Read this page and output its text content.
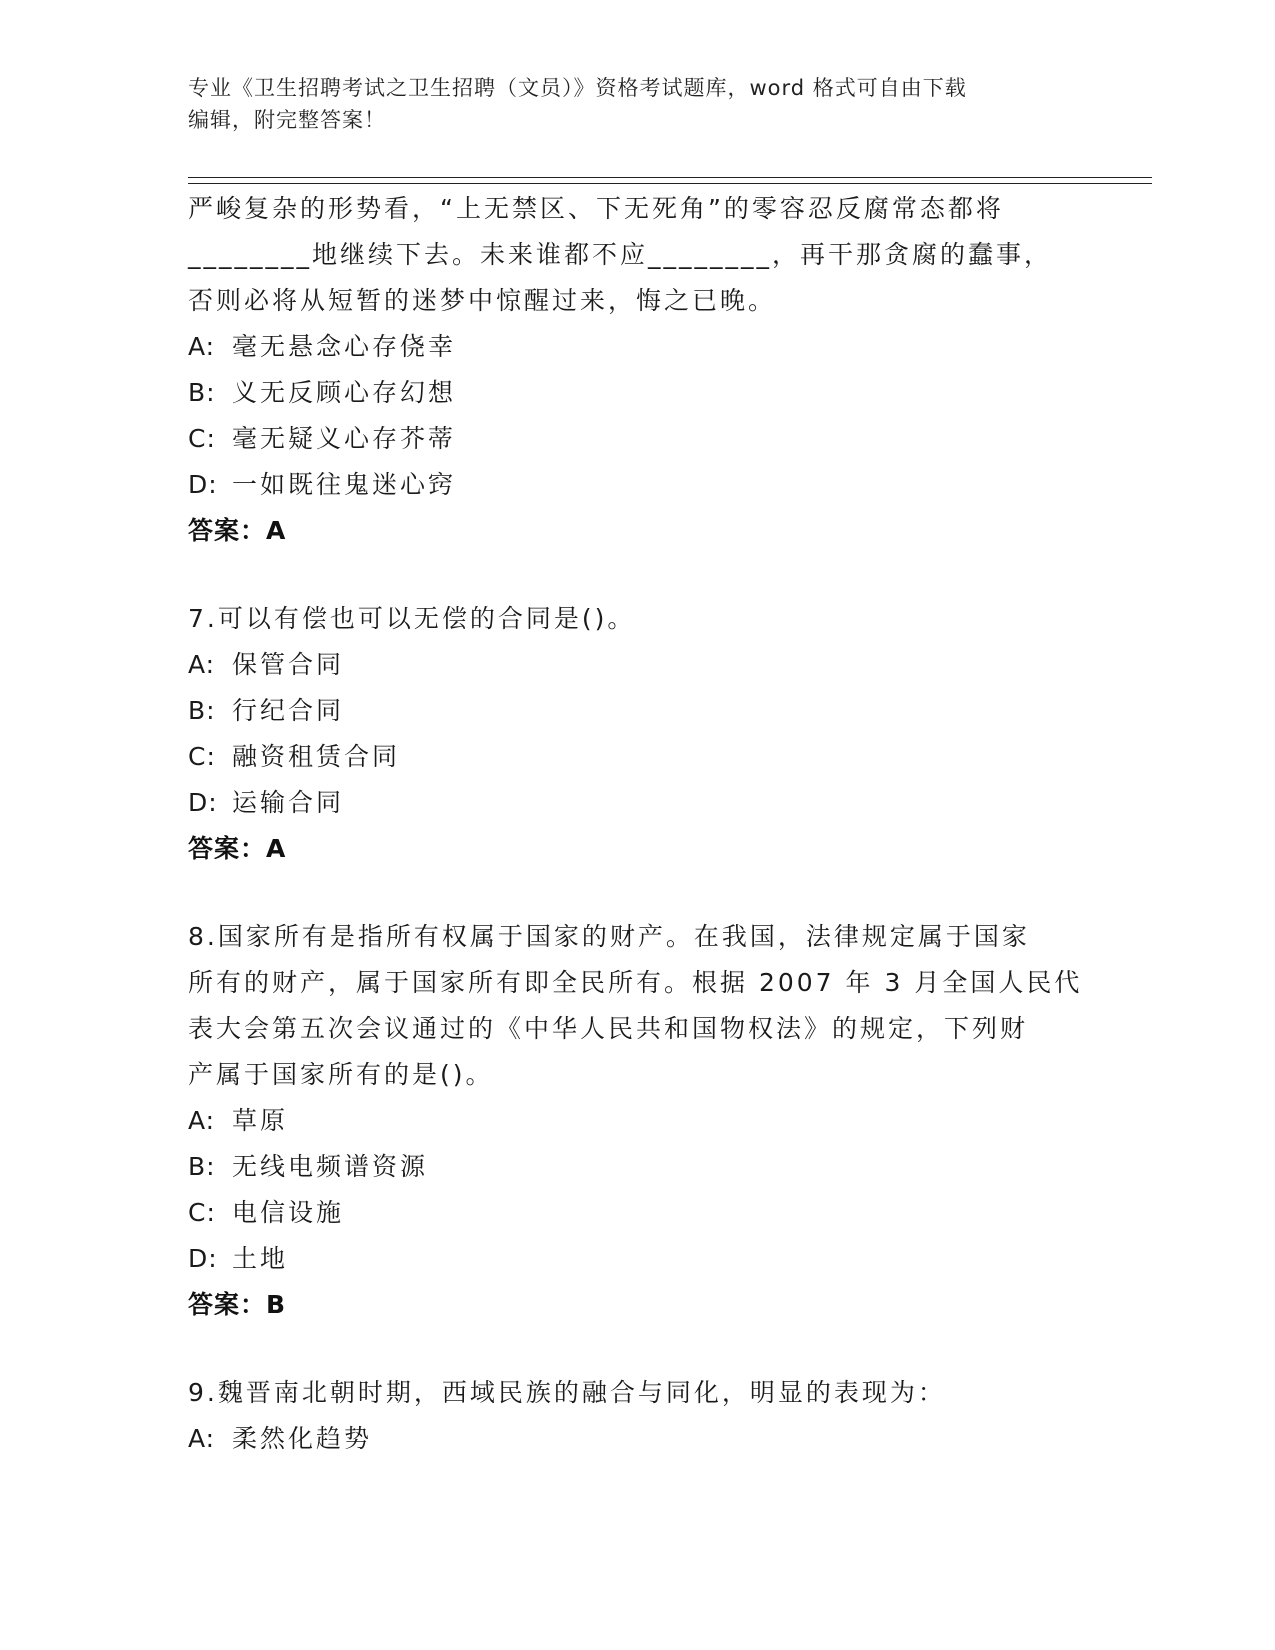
专业《卫生招聘考试之卫生招聘（文员）》资格考试题库，word 格式可自由下载
编辑，附完整答案！
严峻复杂的形势看，“上无禁区、下无死角”的零容忍反腐常态都将
________地继续下去。未来谁都不应________，再干那贪腐的蠢事，
否则必将从短暂的迷梦中惊醒过来，悔之已晚。
A: 毫无悬念心存侥幸
B: 义无反顾心存幻想
C: 毫无疑义心存芥蒂
D: 一如既往鬼迷心窍
答案：A
7.可以有偿也可以无偿的合同是()。
A: 保管合同
B: 行纪合同
C: 融资租赁合同
D: 运输合同
答案：A
8.国家所有是指所有权属于国家的财产。在我国，法律规定属于国家
所有的财产，属于国家所有即全民所有。根据 2007 年 3 月全国人民代
表大会第五次会议通过的《中华人民共和国物权法》的规定，下列财
产属于国家所有的是()。
A: 草原
B: 无线电频谱资源
C: 电信设施
D: 土地
答案：B
9.魏晋南北朝时期，西域民族的融合与同化，明显的表现为：
A: 柔然化趋势
